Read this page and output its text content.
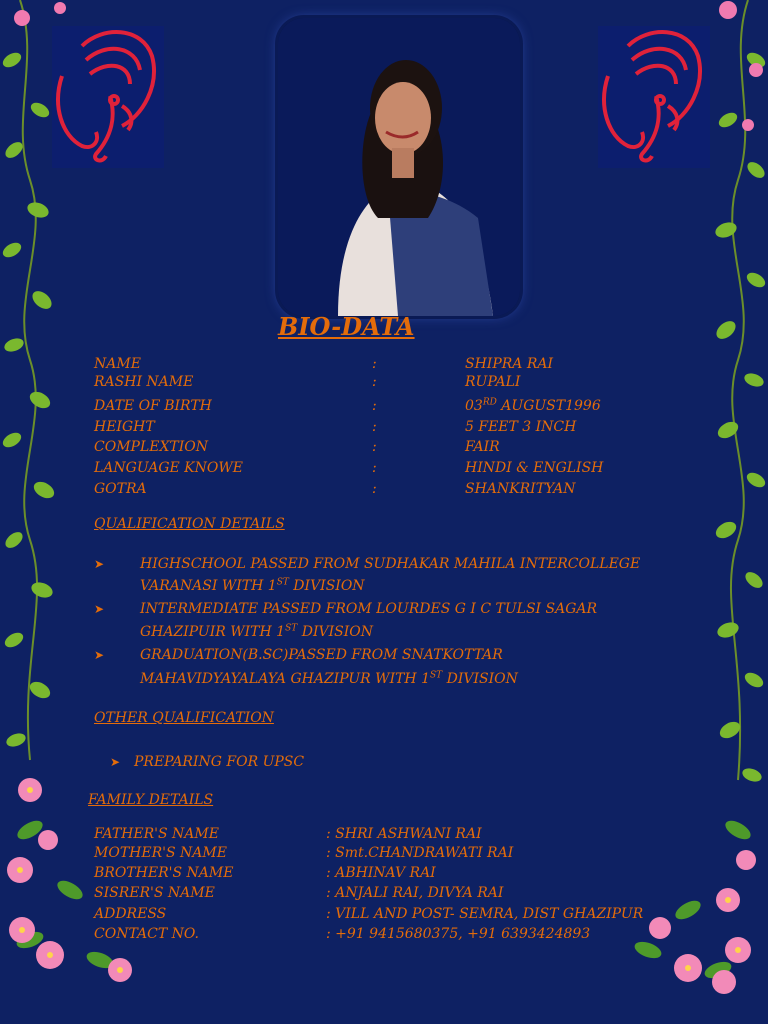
BIO-DATA
NAME	:	SHIPRA RAI
RASHI NAME	:	RUPALI
DATE OF BIRTH	:	03RD AUGUST1996
HEIGHT	:	5 FEET 3 INCH
COMPLEXTION	:	FAIR
LANGUAGE KNOWE	:	HINDI & ENGLISH
GOTRA	:	SHANKRITYAN
QUALIFICATION DETAILS
➤	HIGHSCHOOL PASSED FROM SUDHAKAR MAHILA INTERCOLLEGE
VARANASI WITH 1ST DIVISION
➤	INTERMEDIATE PASSED FROM LOURDES G I C TULSI SAGAR
GHAZIPUIR WITH 1ST DIVISION
➤	GRADUATION(B.SC)PASSED FROM SNATKOTTAR
MAHAVIDYAYALAYA GHAZIPUR WITH 1ST DIVISION
OTHER QUALIFICATION
➤ PREPARING FOR UPSC
FAMILY DETAILS
FATHER'S NAME	: SHRI ASHWANI RAI
MOTHER'S NAME	: Smt.CHANDRAWATI RAI
BROTHER'S NAME	: ABHINAV RAI
SISRER'S NAME	: ANJALI RAI, DIVYA RAI
ADDRESS	: VILL AND POST- SEMRA, DIST GHAZIPUR
CONTACT NO.	: +91 9415680375, +91 6393424893
